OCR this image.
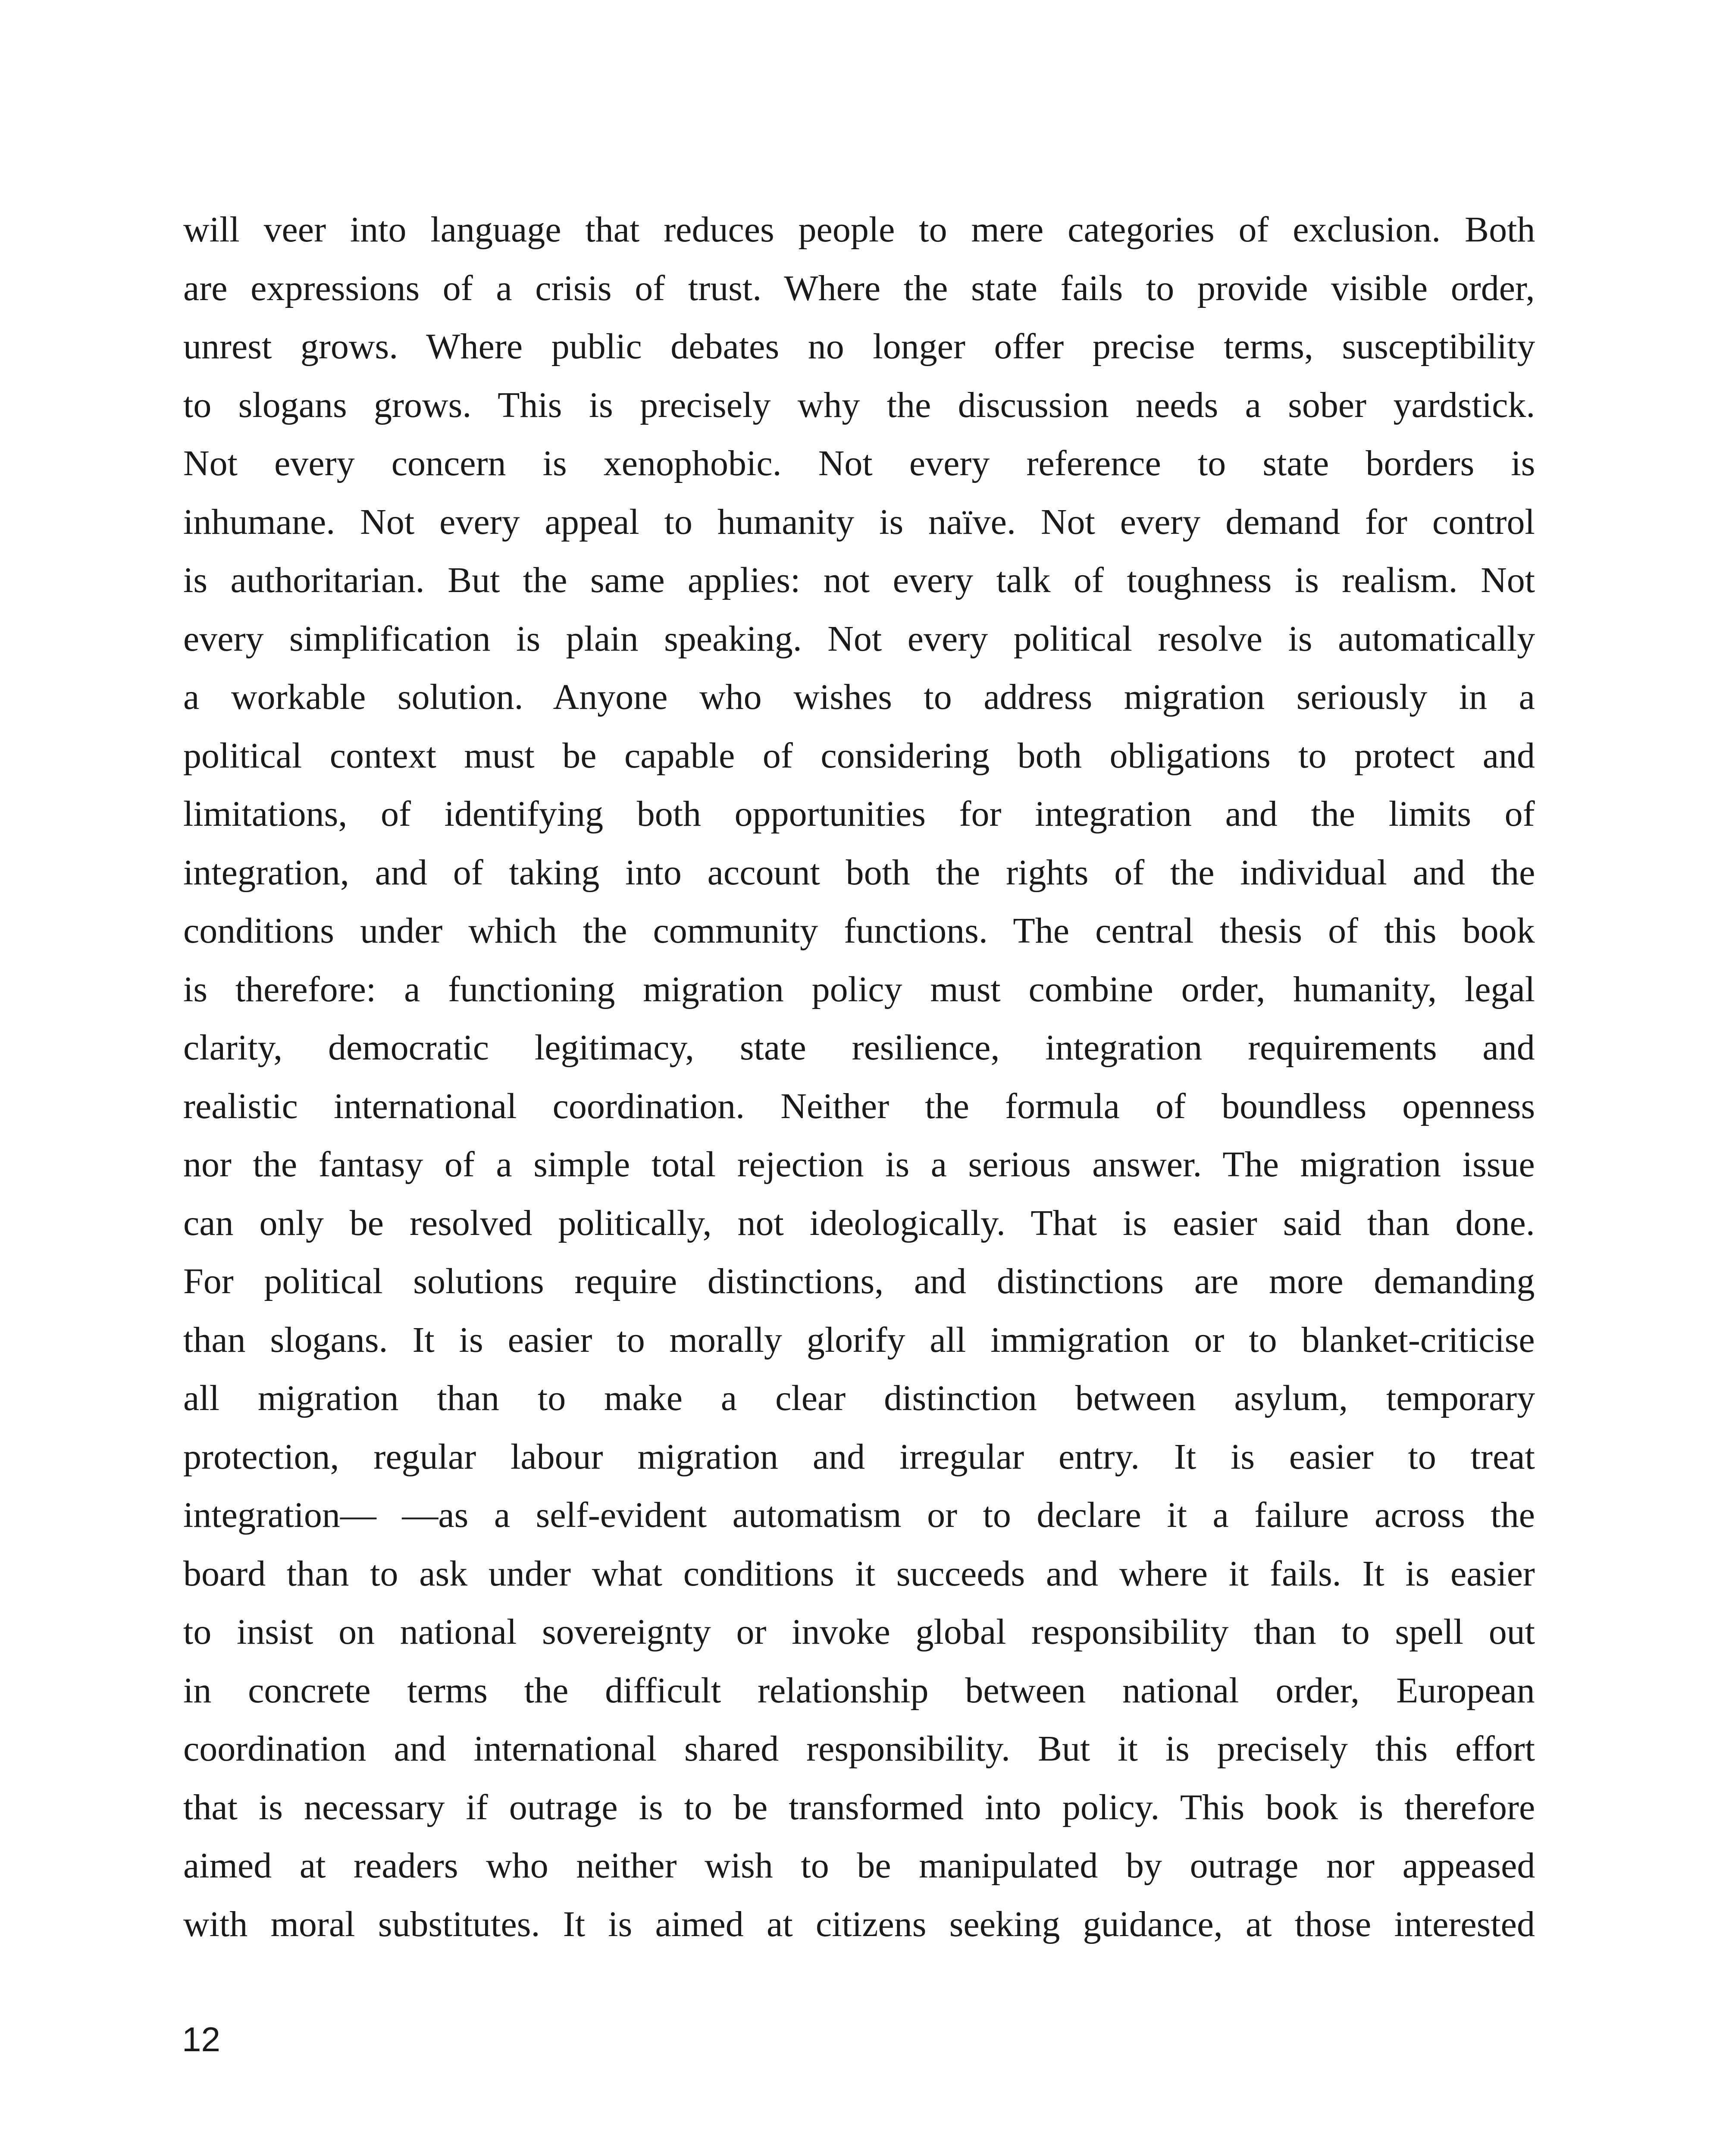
will veer into language that reduces people to mere categories of exclusion. Both
are expressions of a crisis of trust. Where the state fails to provide visible order,
unrest grows. Where public debates no longer offer precise terms, susceptibility
to slogans grows. This is precisely why the discussion needs a sober yardstick.
Not every concern is xenophobic. Not every reference to state borders is
inhumane. Not every appeal to humanity is naïve. Not every demand for control
is authoritarian. But the same applies: not every talk of toughness is realism. Not
every simplification is plain speaking. Not every political resolve is automatically
a workable solution. Anyone who wishes to address migration seriously in a
political context must be capable of considering both obligations to protect and
limitations, of identifying both opportunities for integration and the limits of
integration, and of taking into account both the rights of the individual and the
conditions under which the community functions. The central thesis of this book
is therefore: a functioning migration policy must combine order, humanity, legal
clarity, democratic legitimacy, state resilience, integration requirements and
realistic international coordination. Neither the formula of boundless openness
nor the fantasy of a simple total rejection is a serious answer. The migration issue
can only be resolved politically, not ideologically. That is easier said than done.
For political solutions require distinctions, and distinctions are more demanding
than slogans. It is easier to morally glorify all immigration or to blanket-criticise
all migration than to make a clear distinction between asylum, temporary
protection, regular labour migration and irregular entry. It is easier to treat
integration— —as a self-evident automatism or to declare it a failure across the
board than to ask under what conditions it succeeds and where it fails. It is easier
to insist on national sovereignty or invoke global responsibility than to spell out
in concrete terms the difficult relationship between national order, European
coordination and international shared responsibility. But it is precisely this effort
that is necessary if outrage is to be transformed into policy. This book is therefore
aimed at readers who neither wish to be manipulated by outrage nor appeased
with moral substitutes. It is aimed at citizens seeking guidance, at those interested
12
